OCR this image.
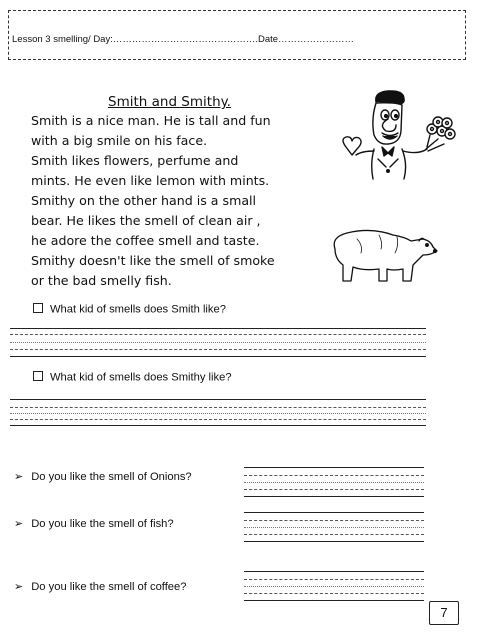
Lesson 3 smelling/ Day:……………………………………….Date……………………
Smith and Smithy.
Smith is a nice man. He is tall and fun
with a big smile on his face.
Smith likes flowers, perfume and
mints. He even like lemon with mints.
Smithy on the other hand is a small
bear. He likes the smell of clean air ,
he adore the coffee smell and taste.
Smithy doesn't like the smell of smoke
or the bad smelly fish.
What kid of smells does Smith like?
What kid of smells does Smithy like?
➢ Do you like the smell of Onions?
➢ Do you like the smell of fish?
➢ Do you like the smell of coffee?
7
